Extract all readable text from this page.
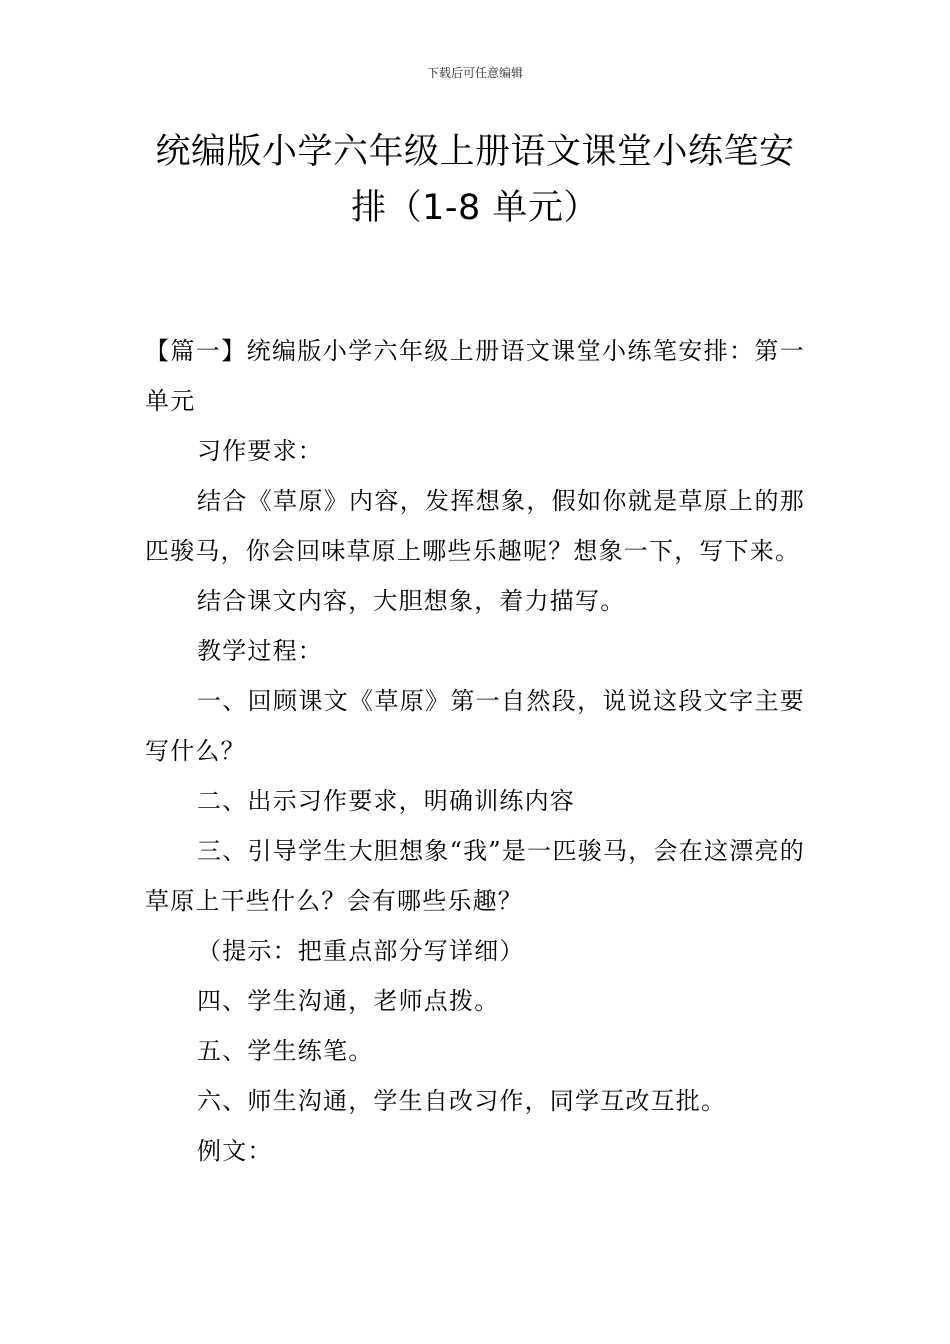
下载后可任意编辑
统编版小学六年级上册语文课堂小练笔安
排（1-8 单元）

【篇一】统编版小学六年级上册语文课堂小练笔安排：第一单元

习作要求：

结合《草原》内容，发挥想象，假如你就是草原上的那匹骏马，你会回味草原上哪些乐趣呢？想象一下，写下来。

结合课文内容，大胆想象，着力描写。

教学过程：

一、回顾课文《草原》第一自然段，说说这段文字主要写什么？

二、出示习作要求，明确训练内容

三、引导学生大胆想象“我”是一匹骏马，会在这漂亮的草原上干些什么？会有哪些乐趣？

（提示：把重点部分写详细）

四、学生沟通，老师点拨。

五、学生练笔。

六、师生沟通，学生自改习作，同学互改互批。

例文：
